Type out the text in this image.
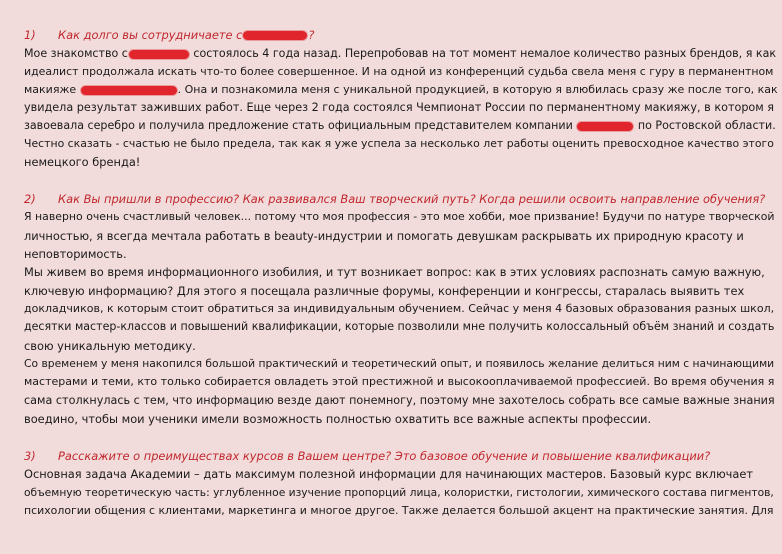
1) Как долго вы сотрудничаете с	?
Мое знакомство с	состоялось 4 года назад. Перепробовав на тот момент немалое количество разных брендов, я как
идеалист продолжала искать что-то более совершенное. И на одной из конференций судьба свела меня с гуру в перманентном
макияже	. Она и познакомила меня с уникальной продукцией, в которую я влюбилась сразу же после того, как
увидела результат заживших работ. Еще через 2 года состоялся Чемпионат России по перманентному макияжу, в котором я
завоевала серебро и получила предложение стать официальным представителем компании	по Ростовской области.
Честно сказать - счастью не было предела, так как я уже успела за несколько лет работы оценить превосходное качество этого
немецкого бренда!
2) Как Вы пришли в профессию? Как развивался Ваш творческий путь? Когда решили освоить направление обучения?
Я наверно очень счастливый человек... потому что моя профессия - это мое хобби, мое призвание! Будучи по натуре творческой
личностью, я всегда мечтала работать в beauty-индустрии и помогать девушкам раскрывать их природную красоту и
неповторимость.
Мы живем во время информационного изобилия, и тут возникает вопрос: как в этих условиях распознать самую важную,
ключевую информацию? Для этого я посещала различные форумы, конференции и конгрессы, старалась выявить тех
докладчиков, к которым стоит обратиться за индивидуальным обучением. Сейчас у меня 4 базовых образования разных школ,
десятки мастер-классов и повышений квалификации, которые позволили мне получить колоссальный объём знаний и создать
свою уникальную методику.
Со временем у меня накопился большой практический и теоретический опыт, и появилось желание делиться ним с начинающими
мастерами и теми, кто только собирается овладеть этой престижной и высокооплачиваемой профессией. Во время обучения я
сама столкнулась с тем, что информацию везде дают понемногу, поэтому мне захотелось собрать все самые важные знания
воедино, чтобы мои ученики имели возможность полностью охватить все важные аспекты профессии.
3) Расскажите о преимуществах курсов в Вашем центре? Это базовое обучение и повышение квалификации?
Основная задача Академии – дать максимум полезной информации для начинающих мастеров. Базовый курс включает
объемную теоретическую часть: углубленное изучение пропорций лица, колористки, гистологии, химического состава пигментов,
психологии общения с клиентами, маркетинга и многое другое. Также делается большой акцент на практические занятия. Для
